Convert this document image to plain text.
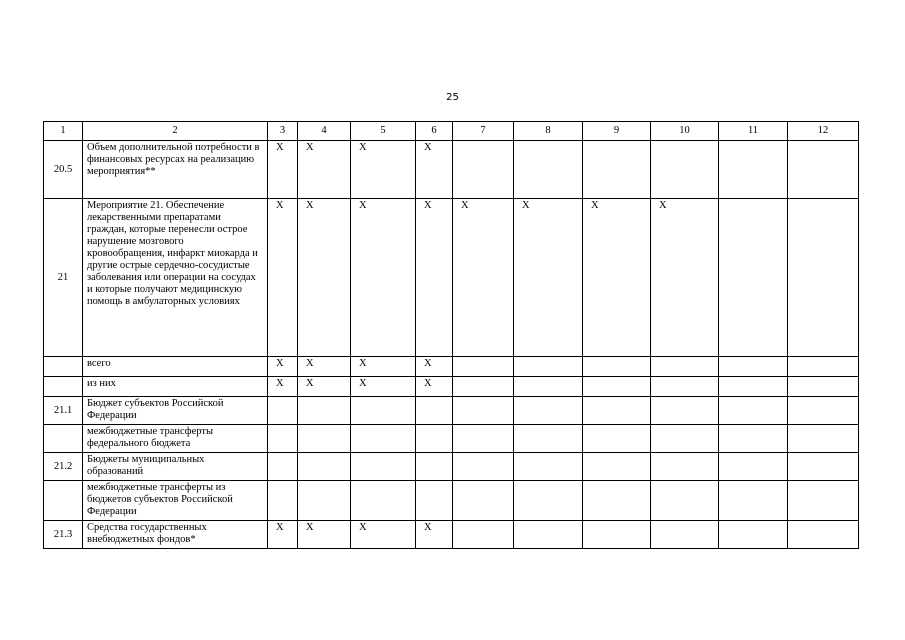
25
1	2	3	4	5	6	7	8	9	10	11	12
20.5	Объем дополнительной потребности в финансовых ресурсах на реализацию мероприятия**	X	X	X	X						
21	Мероприятие 21. Обеспечение лекарственными препаратами граждан, которые перенесли острое нарушение мозгового кровообращения, инфаркт миокарда и другие острые сердечно-сосудистые заболевания или операции на сосудах и которые получают медицинскую помощь в амбулаторных условиях	X	X	X	X	X	X	X	X		
	всего	X	X	X	X						
	из них	X	X	X	X						
21.1	Бюджет субъектов Российской Федерации										
	межбюджетные трансферты федерального бюджета										
21.2	Бюджеты муниципальных образований										
	межбюджетные трансферты из бюджетов субъектов Российской Федерации										
21.3	Средства государственных внебюджетных фондов*	X	X	X	X						
